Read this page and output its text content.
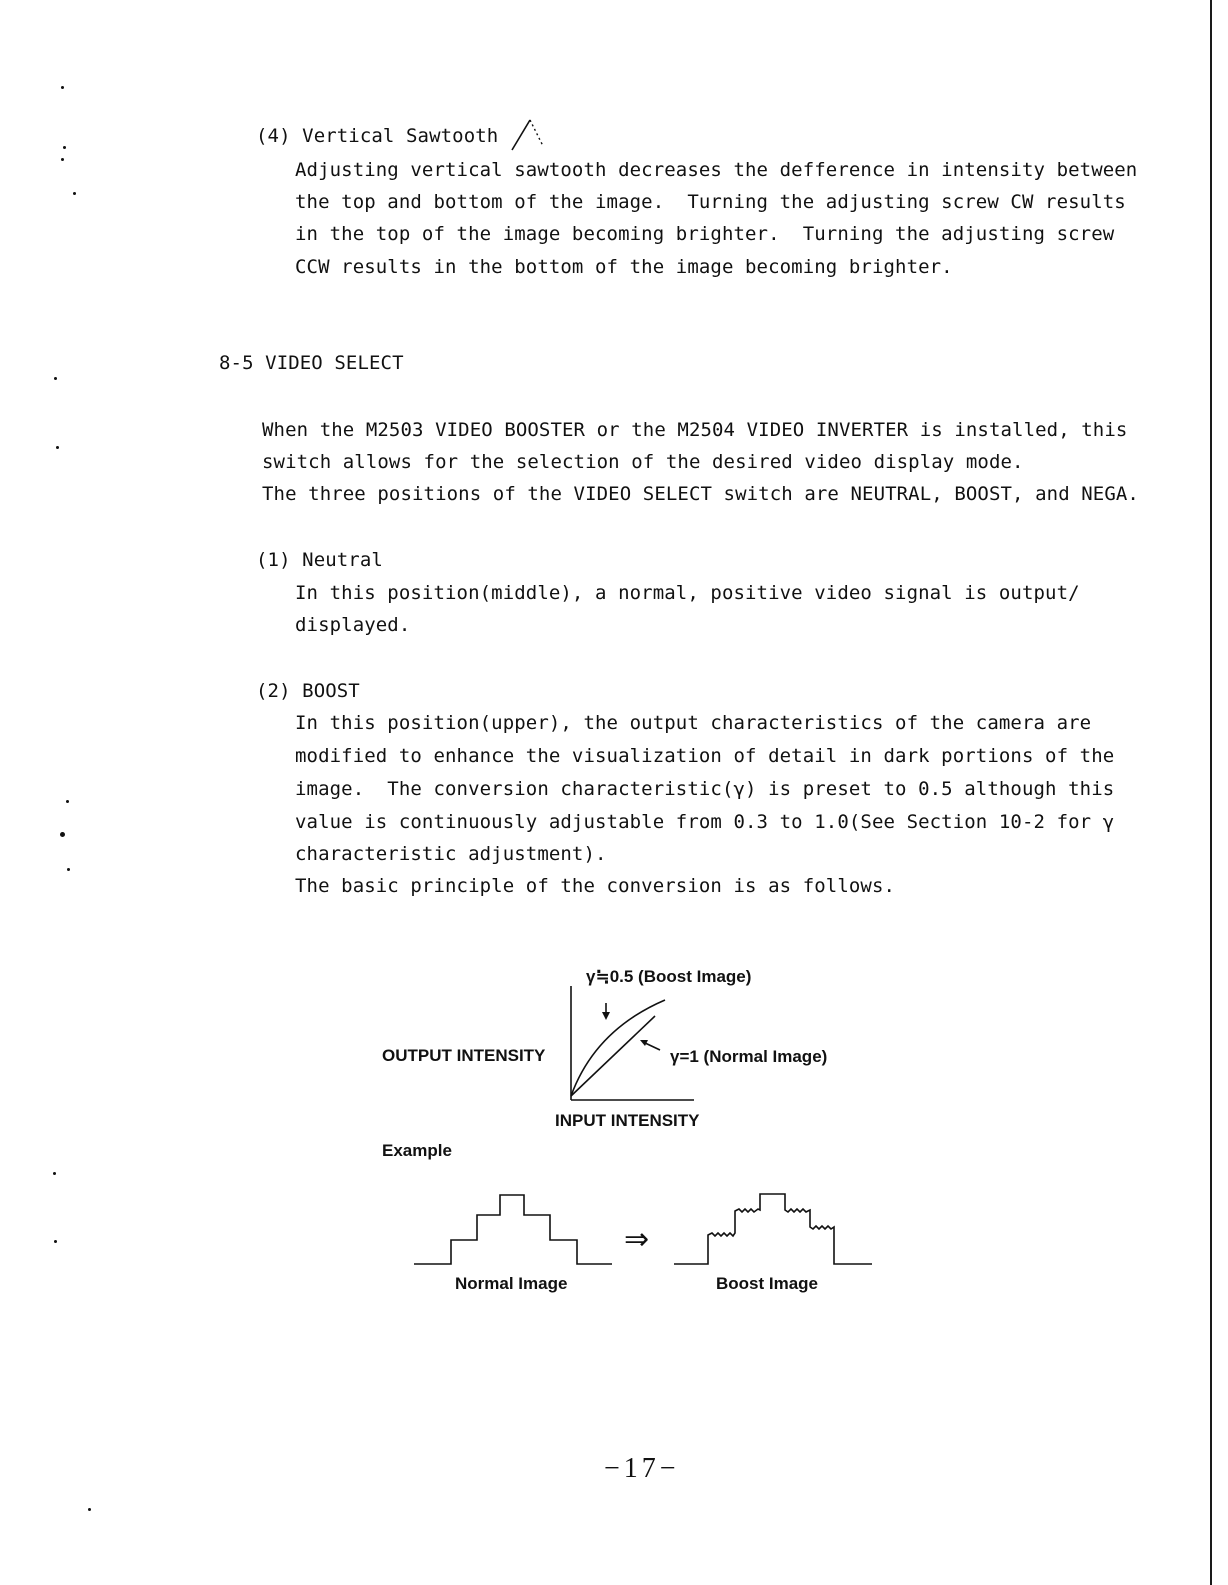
(4) Vertical Sawtooth
Adjusting vertical sawtooth decreases the defference in intensity between
the top and bottom of the image.  Turning the adjusting screw CW results
in the top of the image becoming brighter.  Turning the adjusting screw
CCW results in the bottom of the image becoming brighter.
8-5 VIDEO SELECT
When the M2503 VIDEO BOOSTER or the M2504 VIDEO INVERTER is installed, this
switch allows for the selection of the desired video display mode.
The three positions of the VIDEO SELECT switch are NEUTRAL, BOOST, and NEGA.
(1) Neutral
In this position(middle), a normal, positive video signal is output/
displayed.
(2) BOOST
In this position(upper), the output characteristics of the camera are
modified to enhance the visualization of detail in dark portions of the
image.  The conversion characteristic(γ) is preset to 0.5 although this
value is continuously adjustable from 0.3 to 1.0(See Section 10-2 for γ
characteristic adjustment).
The basic principle of the conversion is as follows.
γ≒0.5 (Boost Image)
γ=1 (Normal Image)
OUTPUT INTENSITY
INPUT INTENSITY
Example
⇒
Normal Image	Boost Image
−17−
